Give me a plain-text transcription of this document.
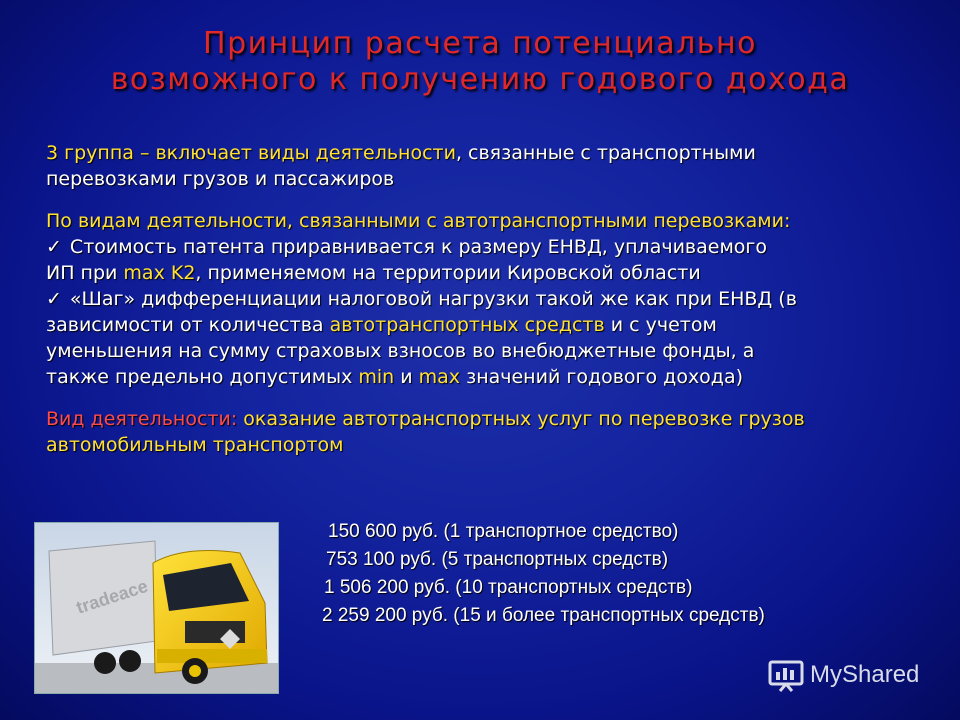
Принцип расчета потенциально
возможного к получению годового дохода
3 группа – включает виды деятельности, связанные с транспортными
перевозками грузов и пассажиров
По видам деятельности, связанными с автотранспортными перевозками:
✓ Стоимость патента приравнивается к размеру ЕНВД, уплачиваемого
ИП при max K2, применяемом на территории Кировской области
✓ «Шаг» дифференциации налоговой нагрузки такой же как при ЕНВД (в
зависимости от количества автотранспортных средств и с учетом
уменьшения на сумму страховых взносов во внебюджетные фонды, а
также предельно допустимых min и max значений годового дохода)
Вид деятельности: оказание автотранспортных услуг по перевозке грузов
автомобильным транспортом
tradeace
150 600 руб. (1 транспортное средство)
753 100 руб. (5 транспортных средств)
1 506 200 руб. (10 транспортных средств)
2 259 200 руб. (15 и более транспортных средств)
MyShared
